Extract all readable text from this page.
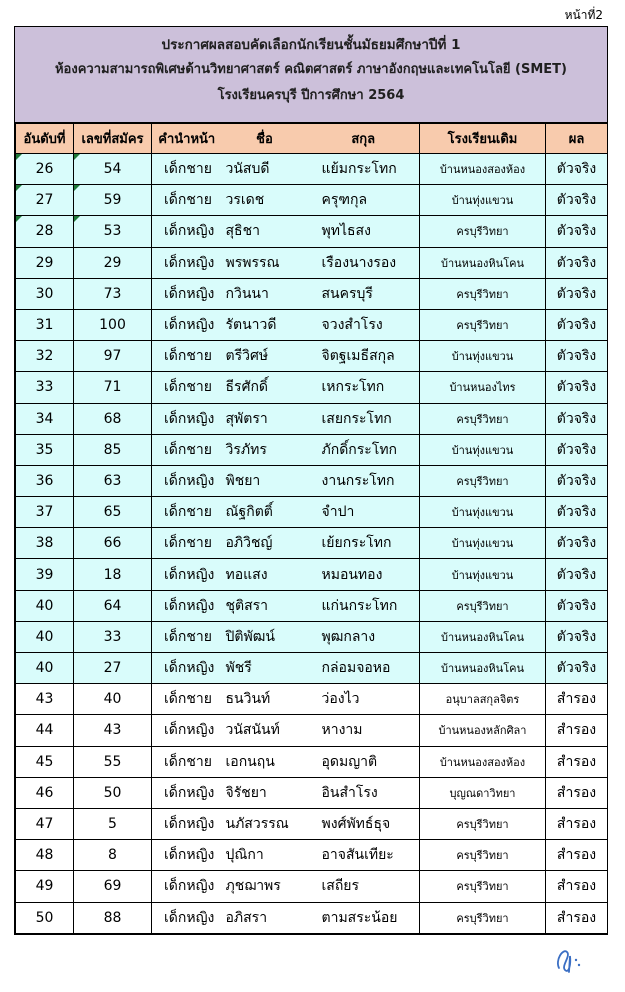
หน้าที่2
ประกาศผลสอบคัดเลือกนักเรียนชั้นมัธยมศึกษาปีที่ 1
ห้องความสามารถพิเศษด้านวิทยาศาสตร์ คณิตศาสตร์ ภาษาอังกฤษและเทคโนโลยี (SMET)
โรงเรียนครบุรี ปีการศึกษา 2564
อันดับที่	เลขที่สมัคร	คำนำหน้า	ชื่อ	สกุล	โรงเรียนเดิม	ผล
26	54	เด็กชาย	วนัสบดี	แย้มกระโทก	บ้านหนองสองห้อง	ตัวจริง
27	59	เด็กชาย	วรเดช	ครุฑกุล	บ้านทุ่งแขวน	ตัวจริง
28	53	เด็กหญิง	สุธิชา	พุทไธสง	ครบุรีวิทยา	ตัวจริง
29	29	เด็กหญิง	พรพรรณ	เรืองนางรอง	บ้านหนองหินโคน	ตัวจริง
30	73	เด็กหญิง	กวินนา	สนครบุรี	ครบุรีวิทยา	ตัวจริง
31	100	เด็กหญิง	รัตนาวดี	จวงสำโรง	ครบุรีวิทยา	ตัวจริง
32	97	เด็กชาย	ตรีวิศษ์	จิตฐเมธีสกุล	บ้านทุ่งแขวน	ตัวจริง
33	71	เด็กชาย	ธีรศักดิ์	เหกระโทก	บ้านหนองไทร	ตัวจริง
34	68	เด็กหญิง	สุพัตรา	เสยกระโทก	ครบุรีวิทยา	ตัวจริง
35	85	เด็กชาย	วิรภัทร	ภักดิ์กระโทก	บ้านทุ่งแขวน	ตัวจริง
36	63	เด็กหญิง	พิชยา	งานกระโทก	ครบุรีวิทยา	ตัวจริง
37	65	เด็กชาย	ณัฐกิตติ์	จำปา	บ้านทุ่งแขวน	ตัวจริง
38	66	เด็กชาย	อภิวิชญ์	เย้ยกระโทก	บ้านทุ่งแขวน	ตัวจริง
39	18	เด็กหญิง	ทอแสง	หมอนทอง	บ้านทุ่งแขวน	ตัวจริง
40	64	เด็กหญิง	ชุติสรา	แก่นกระโทก	ครบุรีวิทยา	ตัวจริง
40	33	เด็กชาย	ปิติพัฒน์	พุฒกลาง	บ้านหนองหินโคน	ตัวจริง
40	27	เด็กหญิง	พัชรี	กล่อมจอหอ	บ้านหนองหินโคน	ตัวจริง
43	40	เด็กชาย	ธนวินท์	ว่องไว	อนุบาลสกุลจิตร	สำรอง
44	43	เด็กหญิง	วนัสนันท์	หางาม	บ้านหนองหลักศิลา	สำรอง
45	55	เด็กชาย	เอกนฤน	อุดมญาติ	บ้านหนองสองห้อง	สำรอง
46	50	เด็กหญิง	จิรัชยา	อินสำโรง	บุญณดาวิทยา	สำรอง
47	5	เด็กหญิง	นภัสวรรณ	พงศ์พัทธ์ธุจ	ครบุรีวิทยา	สำรอง
48	8	เด็กหญิง	ปุณิกา	อาจสันเทียะ	ครบุรีวิทยา	สำรอง
49	69	เด็กหญิง	ภุชฌาพร	เสถียร	ครบุรีวิทยา	สำรอง
50	88	เด็กหญิง	อภิสรา	ตามสระน้อย	ครบุรีวิทยา	สำรอง
